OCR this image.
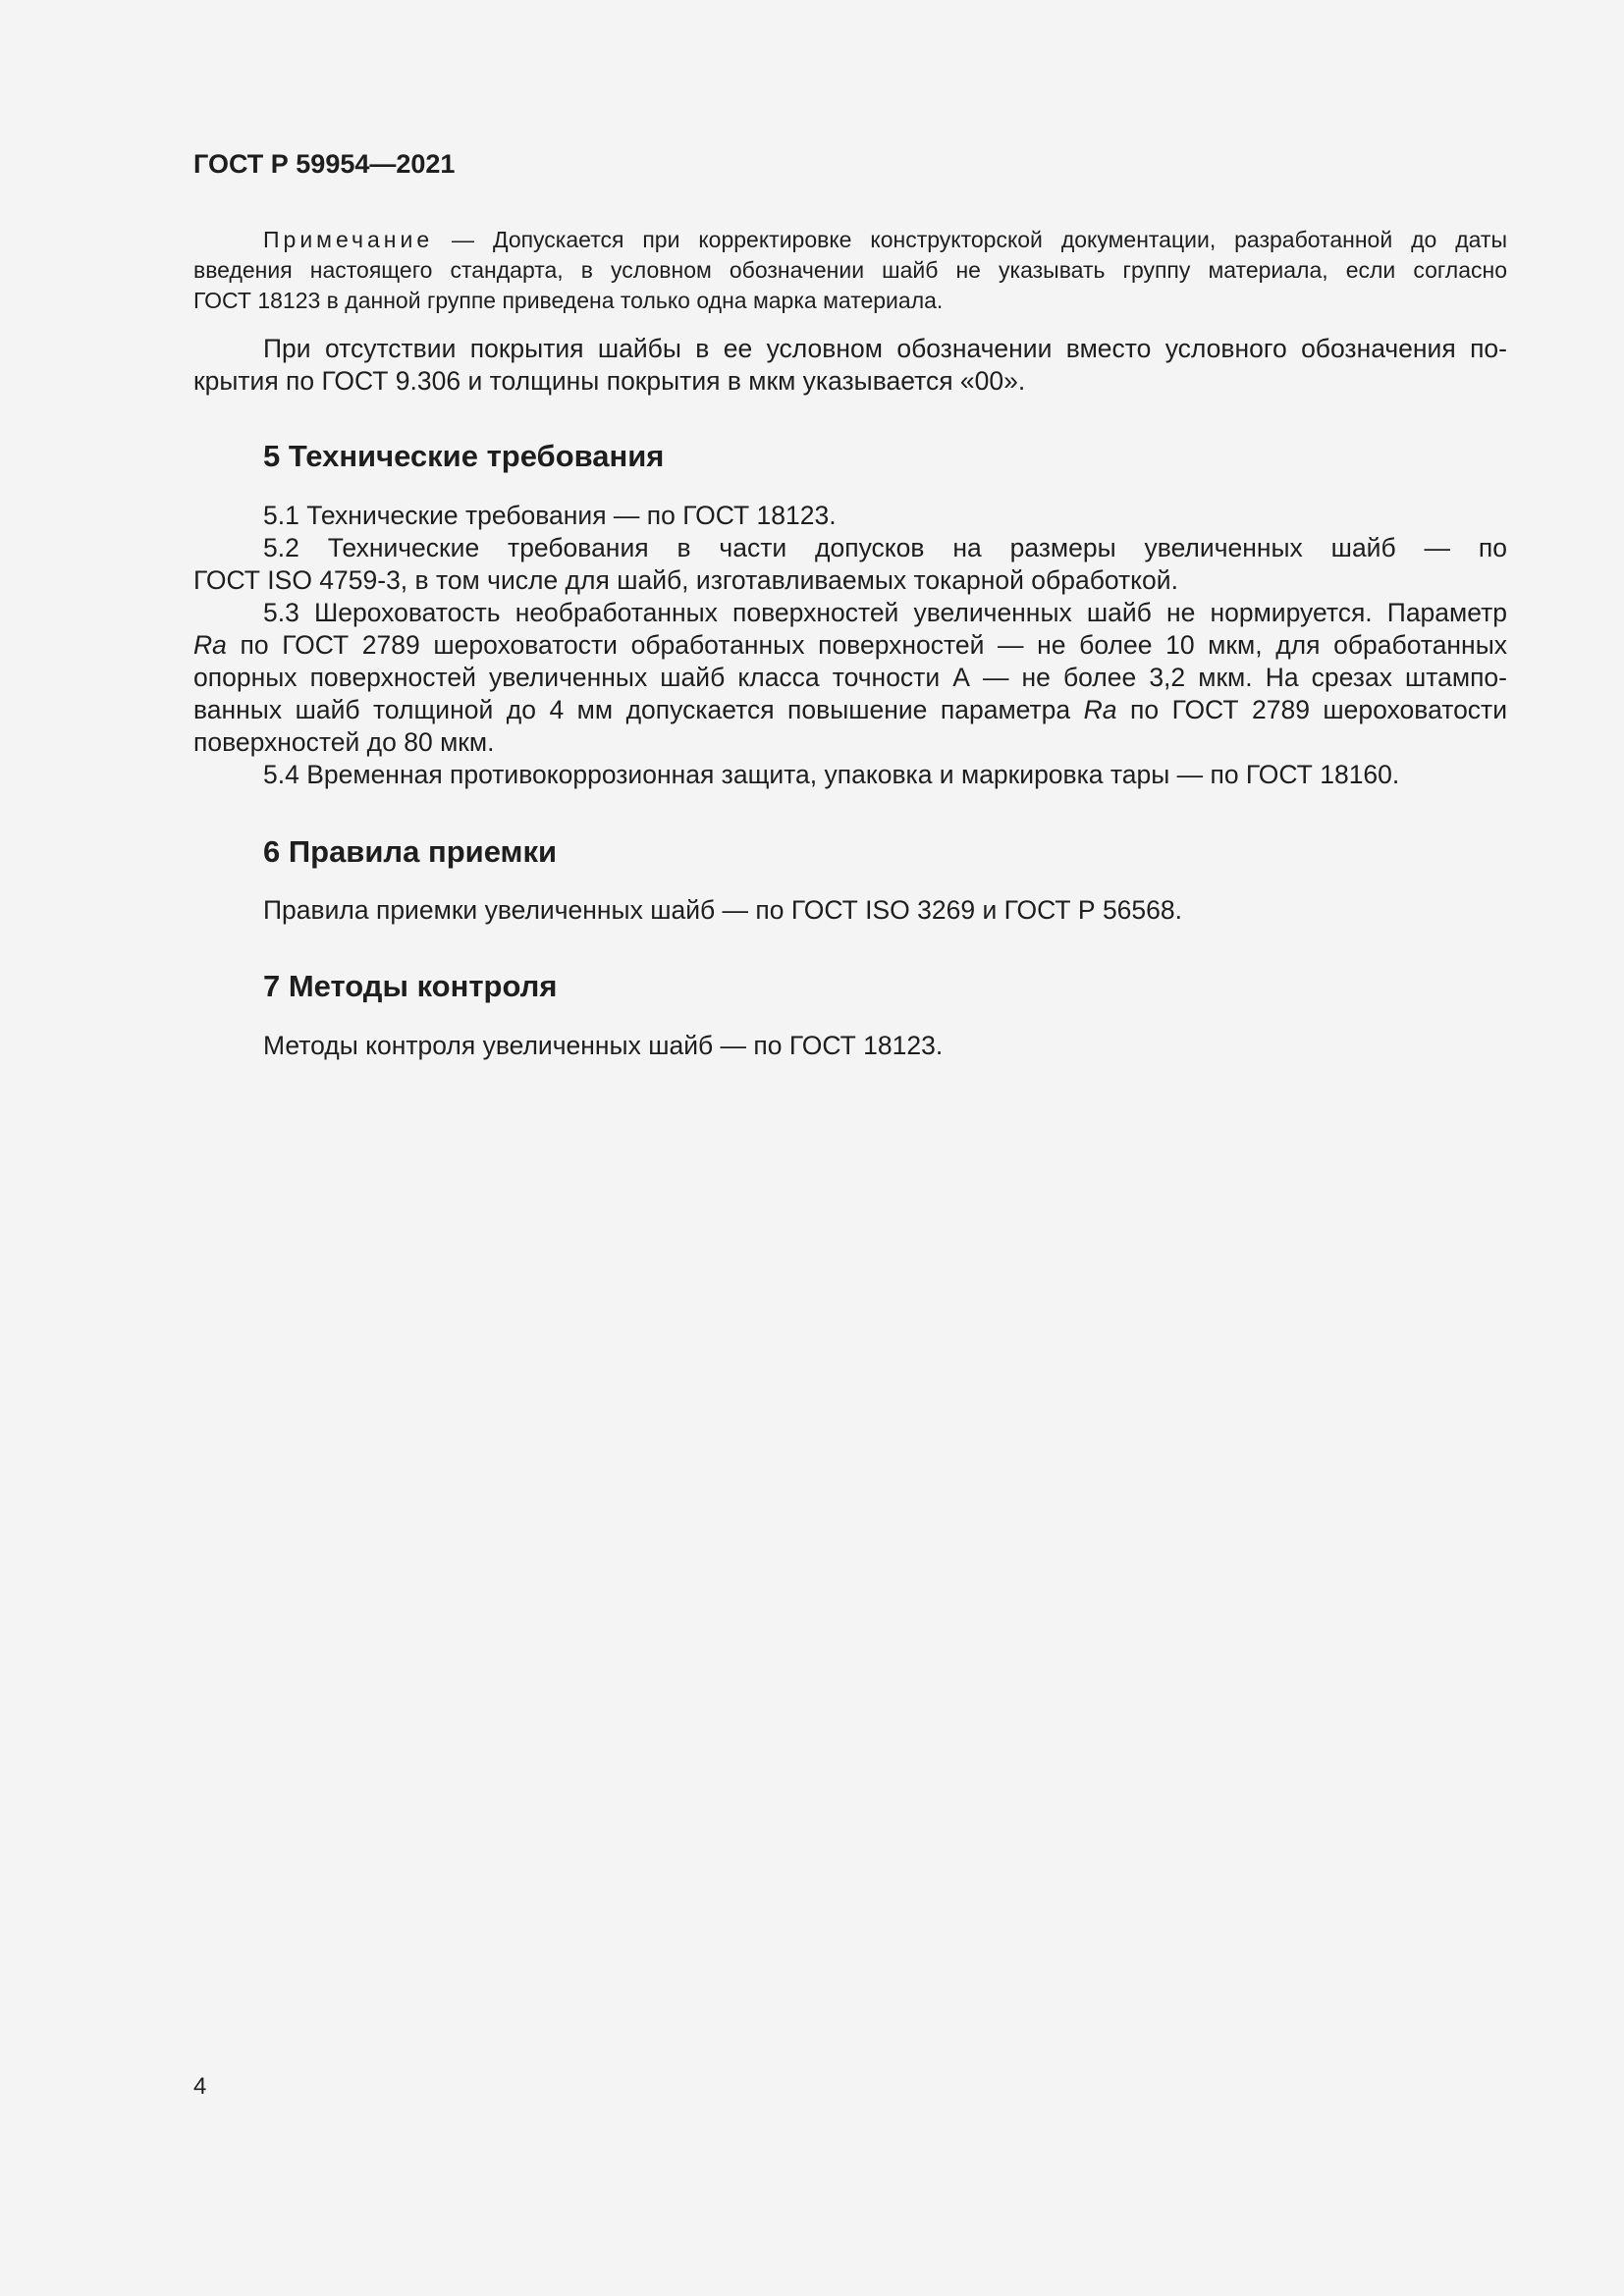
ГОСТ Р 59954—2021
Примечание — Допускается при корректировке конструкторской документации, разработанной до даты
введения настоящего стандарта, в условном обозначении шайб не указывать группу материала, если согласно
ГОСТ 18123 в данной группе приведена только одна марка материала.
При отсутствии покрытия шайбы в ее условном обозначении вместо условного обозначения по-
крытия по ГОСТ 9.306 и толщины покрытия в мкм указывается «00».
5 Технические требования
5.1 Технические требования — по ГОСТ 18123.
5.2 Технические требования в части допусков на размеры увеличенных шайб — по
ГОСТ ISO 4759-3, в том числе для шайб, изготавливаемых токарной обработкой.
5.3 Шероховатость необработанных поверхностей увеличенных шайб не нормируется. Параметр
Ra по ГОСТ 2789 шероховатости обработанных поверхностей — не более 10 мкм, для обработанных
опорных поверхностей увеличенных шайб класса точности А — не более 3,2 мкм. На срезах штампо-
ванных шайб толщиной до 4 мм допускается повышение параметра Ra по ГОСТ 2789 шероховатости
поверхностей до 80 мкм.
5.4 Временная противокоррозионная защита, упаковка и маркировка тары — по ГОСТ 18160.
6 Правила приемки
Правила приемки увеличенных шайб — по ГОСТ ISO 3269 и ГОСТ Р 56568.
7 Методы контроля
Методы контроля увеличенных шайб — по ГОСТ 18123.
4
